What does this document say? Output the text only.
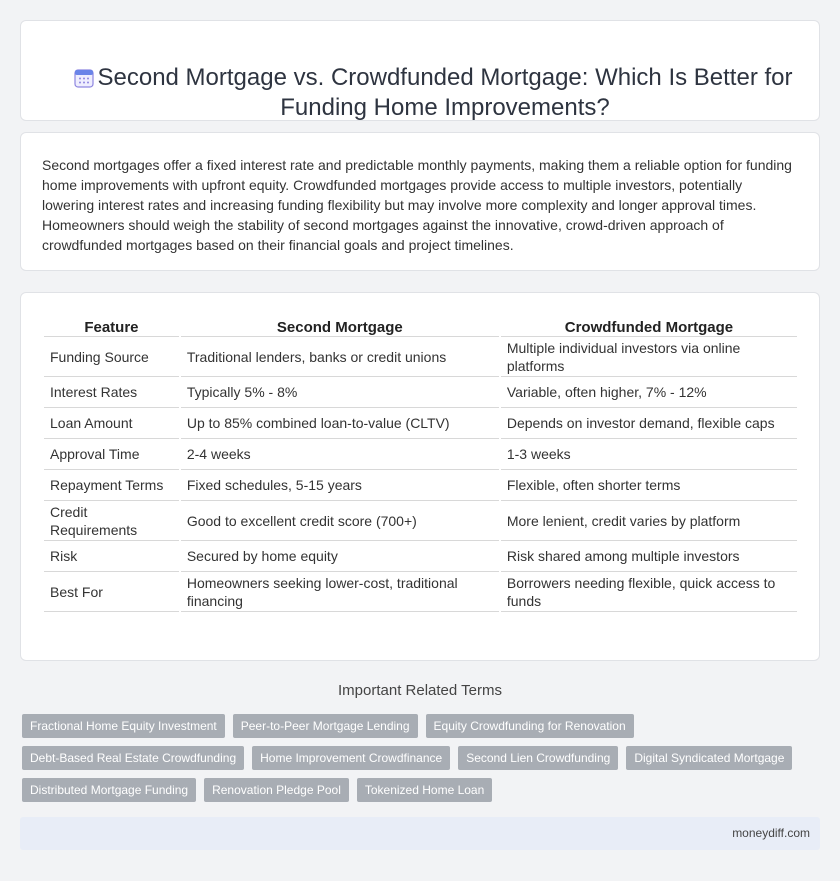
Second Mortgage vs. Crowdfunded Mortgage: Which Is Better for
Funding Home Improvements?

Second mortgages offer a fixed interest rate and predictable monthly payments, making them a reliable option for funding home improvements with upfront equity. Crowdfunded mortgages provide access to multiple investors, potentially lowering interest rates and increasing funding flexibility but may involve more complexity and longer approval times. Homeowners should weigh the stability of second mortgages against the innovative, crowd-driven approach of crowdfunded mortgages based on their financial goals and project timelines.

Feature	Second Mortgage	Crowdfunded Mortgage
Funding Source	Traditional lenders, banks or credit unions	Multiple individual investors via online platforms
Interest Rates	Typically 5% - 8%	Variable, often higher, 7% - 12%
Loan Amount	Up to 85% combined loan-to-value (CLTV)	Depends on investor demand, flexible caps
Approval Time	2-4 weeks	1-3 weeks
Repayment Terms	Fixed schedules, 5-15 years	Flexible, often shorter terms
Credit Requirements	Good to excellent credit score (700+)	More lenient, credit varies by platform
Risk	Secured by home equity	Risk shared among multiple investors
Best For	Homeowners seeking lower-cost, traditional financing	Borrowers needing flexible, quick access to funds
Important Related Terms
Fractional Home Equity Investment	Peer-to-Peer Mortgage Lending	Equity Crowdfunding for Renovation
Debt-Based Real Estate Crowdfunding	Home Improvement Crowdfinance	Second Lien Crowdfunding	Digital Syndicated Mortgage
Distributed Mortgage Funding	Renovation Pledge Pool	Tokenized Home Loan
moneydiff.com
